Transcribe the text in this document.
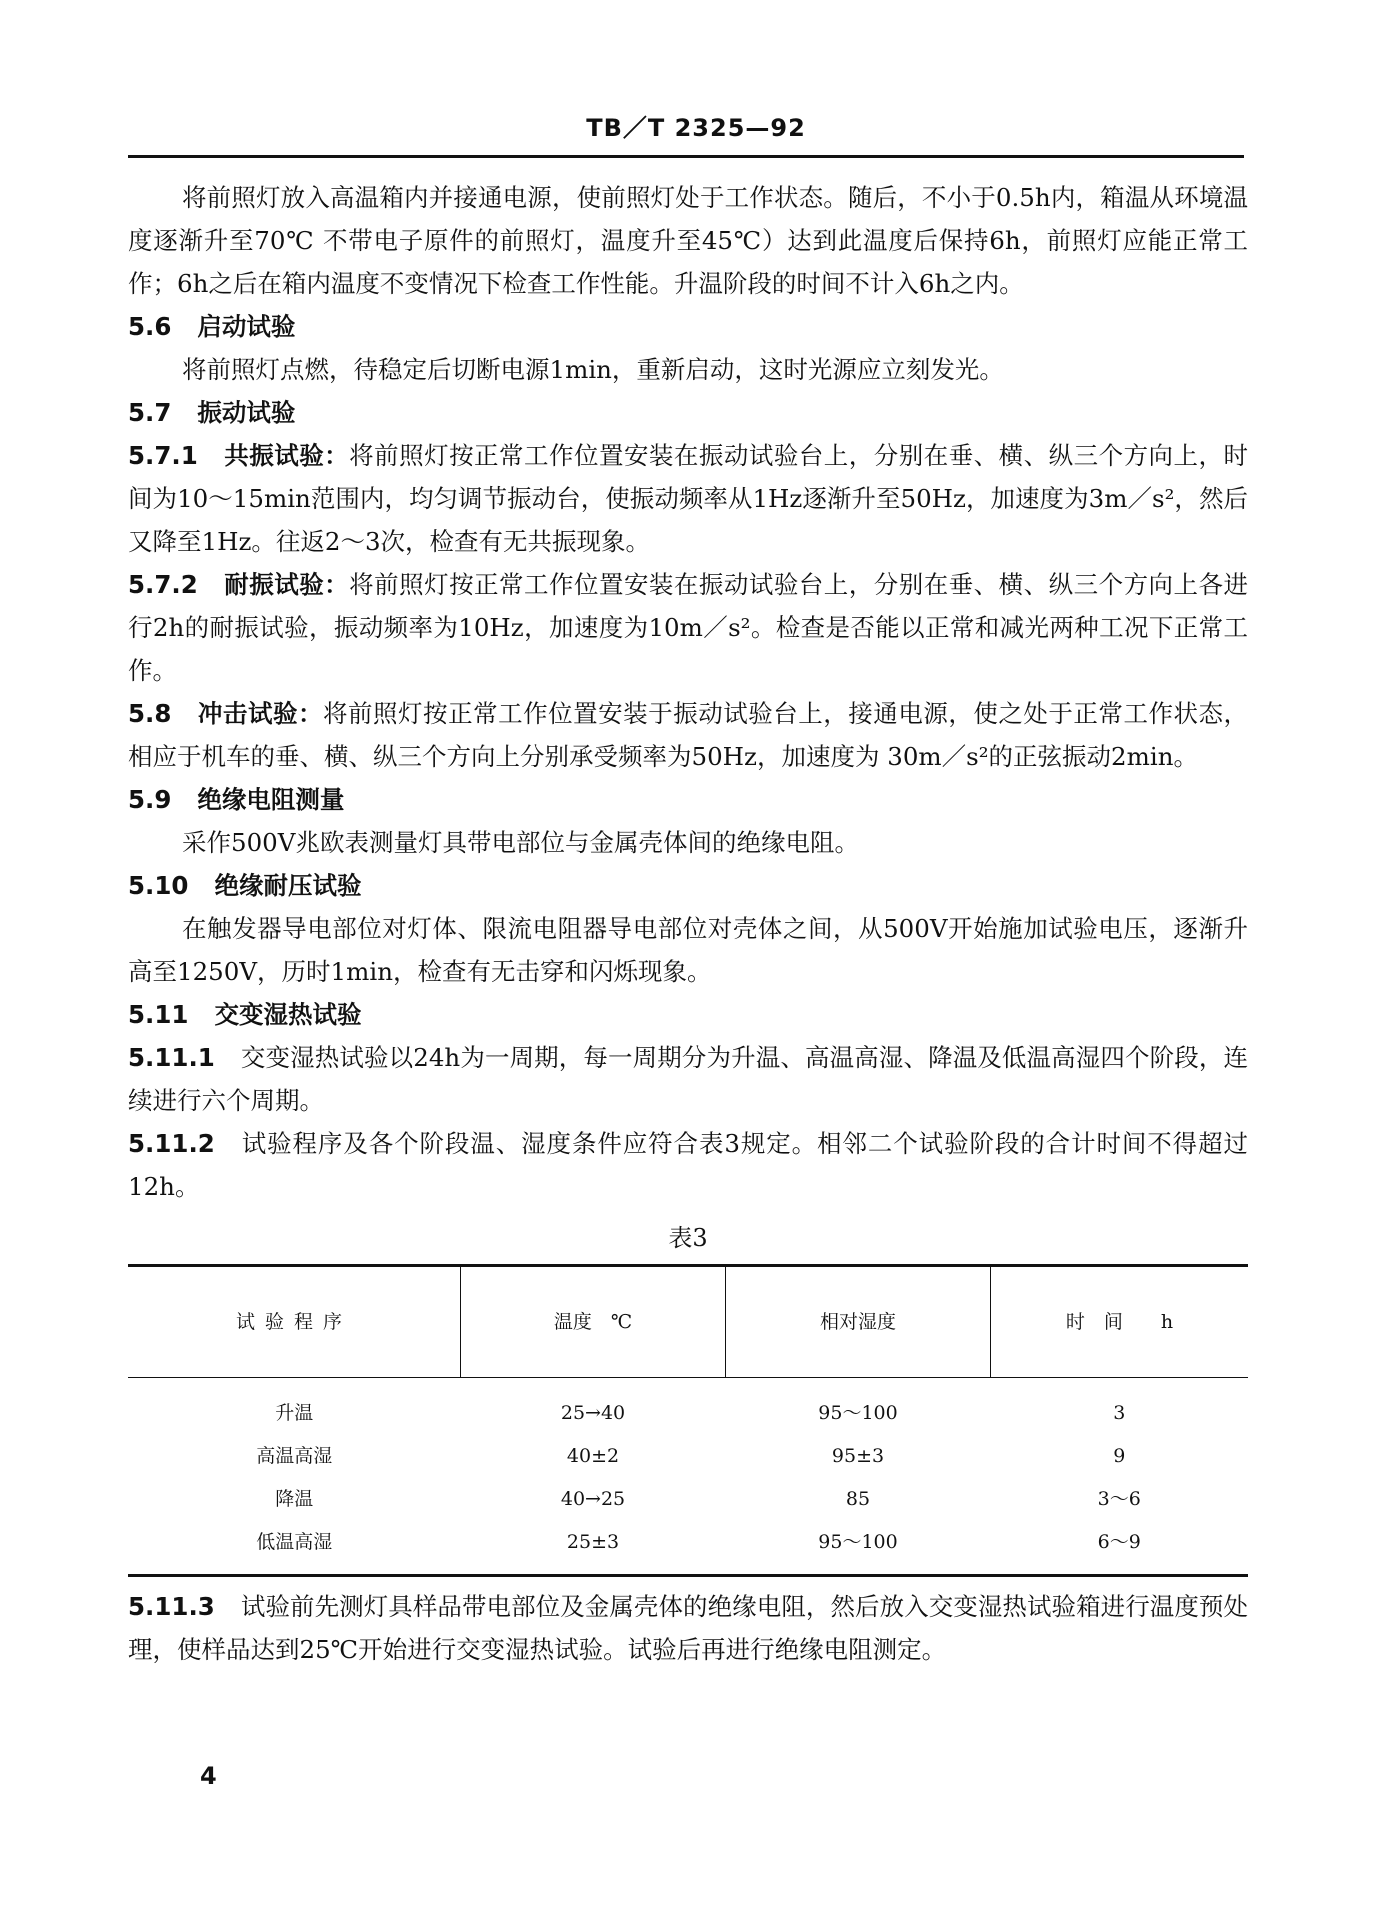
TB／T 2325—92

将前照灯放入高温箱内并接通电源，使前照灯处于工作状态。随后，不小于0.5h内，箱温从环境温度逐渐升至70℃ 不带电子原件的前照灯，温度升至45℃）达到此温度后保持6h，前照灯应能正常工作；6h之后在箱内温度不变情况下检查工作性能。升温阶段的时间不计入6h之内。

5.6 启动试验

将前照灯点燃，待稳定后切断电源1min，重新启动，这时光源应立刻发光。

5.7 振动试验

5.7.1 共振试验：将前照灯按正常工作位置安装在振动试验台上，分别在垂、横、纵三个方向上，时间为10～15min范围内，均匀调节振动台，使振动频率从1Hz逐渐升至50Hz，加速度为3m／s²，然后又降至1Hz。往返2～3次，检查有无共振现象。

5.7.2 耐振试验：将前照灯按正常工作位置安装在振动试验台上，分别在垂、横、纵三个方向上各进行2h的耐振试验，振动频率为10Hz，加速度为10m／s²。检查是否能以正常和减光两种工况下正常工作。

5.8 冲击试验：将前照灯按正常工作位置安装于振动试验台上，接通电源，使之处于正常工作状态，相应于机车的垂、横、纵三个方向上分别承受频率为50Hz，加速度为 30m／s²的正弦振动2min。

5.9 绝缘电阻测量

采作500V兆欧表测量灯具带电部位与金属壳体间的绝缘电阻。

5.10 绝缘耐压试验

在触发器导电部位对灯体、限流电阻器导电部位对壳体之间，从500V开始施加试验电压，逐渐升高至1250V，历时1min，检查有无击穿和闪烁现象。

5.11 交变湿热试验

5.11.1 交变湿热试验以24h为一周期，每一周期分为升温、高温高湿、降温及低温高湿四个阶段，连续进行六个周期。

5.11.2 试验程序及各个阶段温、湿度条件应符合表3规定。相邻二个试验阶段的合计时间不得超过12h。

表3
试验程序	温度　℃	相对湿度	时　间　　h
升温	25→40	95～100	3
高温高湿	40±2	95±3	9
降温	40→25	85	3～6
低温高湿	25±3	95～100	6～9

5.11.3 试验前先测灯具样品带电部位及金属壳体的绝缘电阻，然后放入交变湿热试验箱进行温度预处理，使样品达到25℃开始进行交变湿热试验。试验后再进行绝缘电阻测定。

4
